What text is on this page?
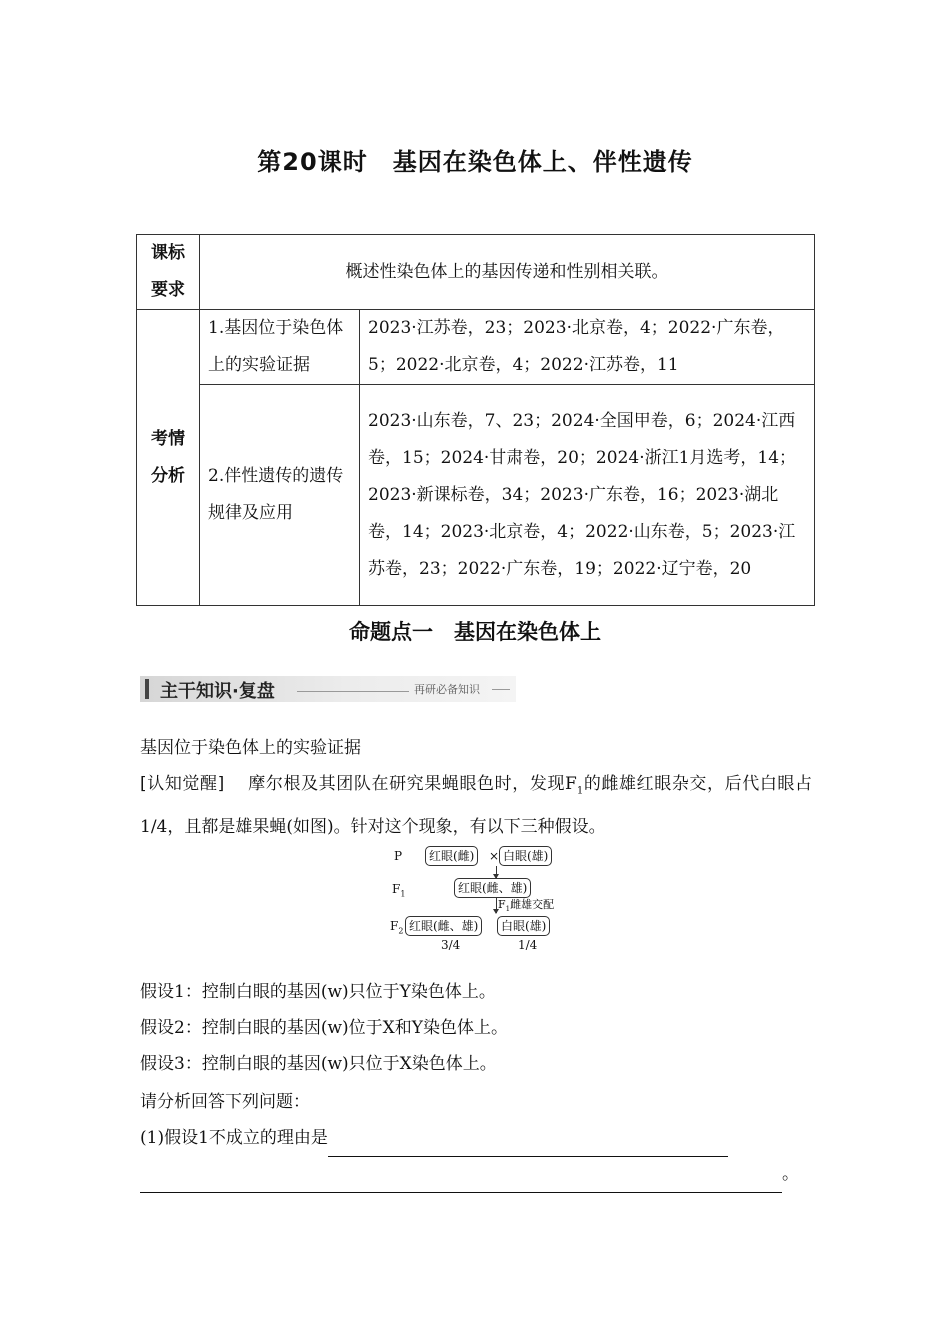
第20课时　基因在染色体上、伴性遗传
课标
要求	概述性染色体上的基因传递和性别相关联。	
考情
分析	1.基因位于染色体上的实验证据	2023·江苏卷，23；2023·北京卷，4；2022·广东卷，5；2022·北京卷，4；2022·江苏卷，11
	2.伴性遗传的遗传规律及应用	2023·山东卷，7、23；2024·全国甲卷，6；2024·江西卷，15；2024·甘肃卷，20；2024·浙江1月选考，14；2023·新课标卷，34；2023·广东卷，16；2023·湖北卷，14；2023·北京卷，4；2022·山东卷，5；2023·江苏卷，23；2022·广东卷，19；2022·辽宁卷，20
命题点一　基因在染色体上
主干知识·复盘	再研必备知识
基因位于染色体上的实验证据
[认知觉醒] 摩尔根及其团队在研究果蝇眼色时，发现$F_1$的雌雄红眼杂交，后代白眼占1/4，且都是雄果蝇(如图)。针对这个现象，有以下三种假设。
P	红眼(雌)	× 白眼(雄)
$F_1$	红眼(雌、雄)
$F_1$雌雄交配
$F_2$ 红眼(雌、雄)	白眼(雄)
3/4	1/4
假设1：控制白眼的基因(w)只位于Y染色体上。
假设2：控制白眼的基因(w)位于X和Y染色体上。
假设3：控制白眼的基因(w)只位于X染色体上。
请分析回答下列问题：
(1)假设1不成立的理由是
。
